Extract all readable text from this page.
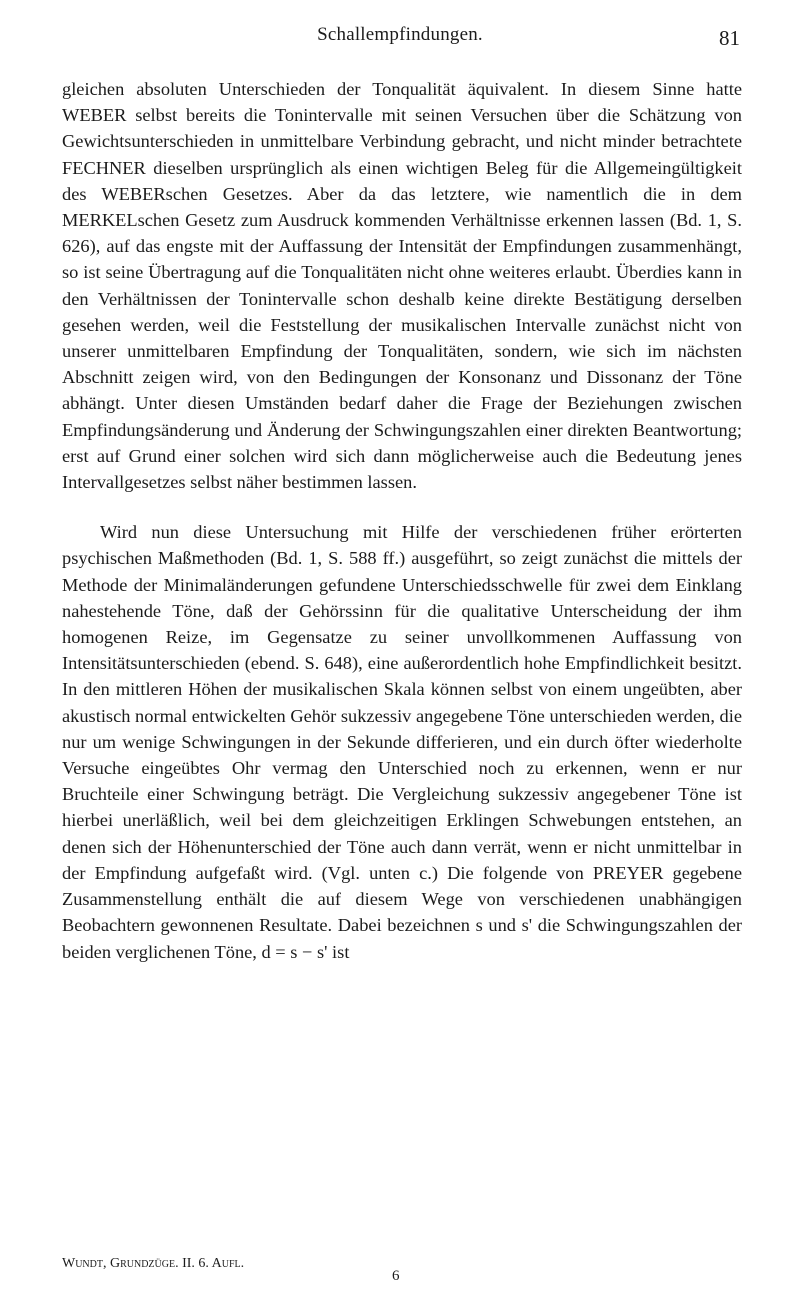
Schallempfindungen.	81

gleichen absoluten Unterschieden der Tonqualität äquivalent. In diesem Sinne hatte WEBER selbst bereits die Tonintervalle mit seinen Versuchen über die Schätzung von Gewichtsunterschieden in unmittelbare Verbindung gebracht, und nicht minder betrachtete FECHNER dieselben ursprünglich als einen wichtigen Beleg für die Allgemeingültigkeit des WEBERschen Gesetzes. Aber da das letztere, wie namentlich die in dem MERKELschen Gesetz zum Ausdruck kommenden Verhältnisse erkennen lassen (Bd. 1, S. 626), auf das engste mit der Auffassung der Intensität der Empfindungen zusammenhängt, so ist seine Übertragung auf die Tonqualitäten nicht ohne weiteres erlaubt. Überdies kann in den Verhältnissen der Tonintervalle schon deshalb keine direkte Bestätigung derselben gesehen werden, weil die Feststellung der musikalischen Intervalle zunächst nicht von unserer unmittelbaren Empfindung der Tonqualitäten, sondern, wie sich im nächsten Abschnitt zeigen wird, von den Bedingungen der Konsonanz und Dissonanz der Töne abhängt. Unter diesen Umständen bedarf daher die Frage der Beziehungen zwischen Empfindungsänderung und Änderung der Schwingungszahlen einer direkten Beantwortung; erst auf Grund einer solchen wird sich dann möglicherweise auch die Bedeutung jenes Intervallgesetzes selbst näher bestimmen lassen.

Wird nun diese Untersuchung mit Hilfe der verschiedenen früher erörterten psychischen Maßmethoden (Bd. 1, S. 588 ff.) ausgeführt, so zeigt zunächst die mittels der Methode der Minimaländerungen gefundene Unterschiedsschwelle für zwei dem Einklang nahestehende Töne, daß der Gehörssinn für die qualitative Unterscheidung der ihm homogenen Reize, im Gegensatze zu seiner unvollkommenen Auffassung von Intensitätsunterschieden (ebend. S. 648), eine außerordentlich hohe Empfindlichkeit besitzt. In den mittleren Höhen der musikalischen Skala können selbst von einem ungeübten, aber akustisch normal entwickelten Gehör sukzessiv angegebene Töne unterschieden werden, die nur um wenige Schwingungen in der Sekunde differieren, und ein durch öfter wiederholte Versuche eingeübtes Ohr vermag den Unterschied noch zu erkennen, wenn er nur Bruchteile einer Schwingung beträgt. Die Vergleichung sukzessiv angegebener Töne ist hierbei unerläßlich, weil bei dem gleichzeitigen Erklingen Schwebungen entstehen, an denen sich der Höhenunterschied der Töne auch dann verrät, wenn er nicht unmittelbar in der Empfindung aufgefaßt wird. (Vgl. unten c.) Die folgende von PREYER gegebene Zusammenstellung enthält die auf diesem Wege von verschiedenen unabhängigen Beobachtern gewonnenen Resultate. Dabei bezeichnen s und s' die Schwingungszahlen der beiden verglichenen Töne, d = s − s' ist

Wundt, Grundzüge. II. 6. Aufl.
6
